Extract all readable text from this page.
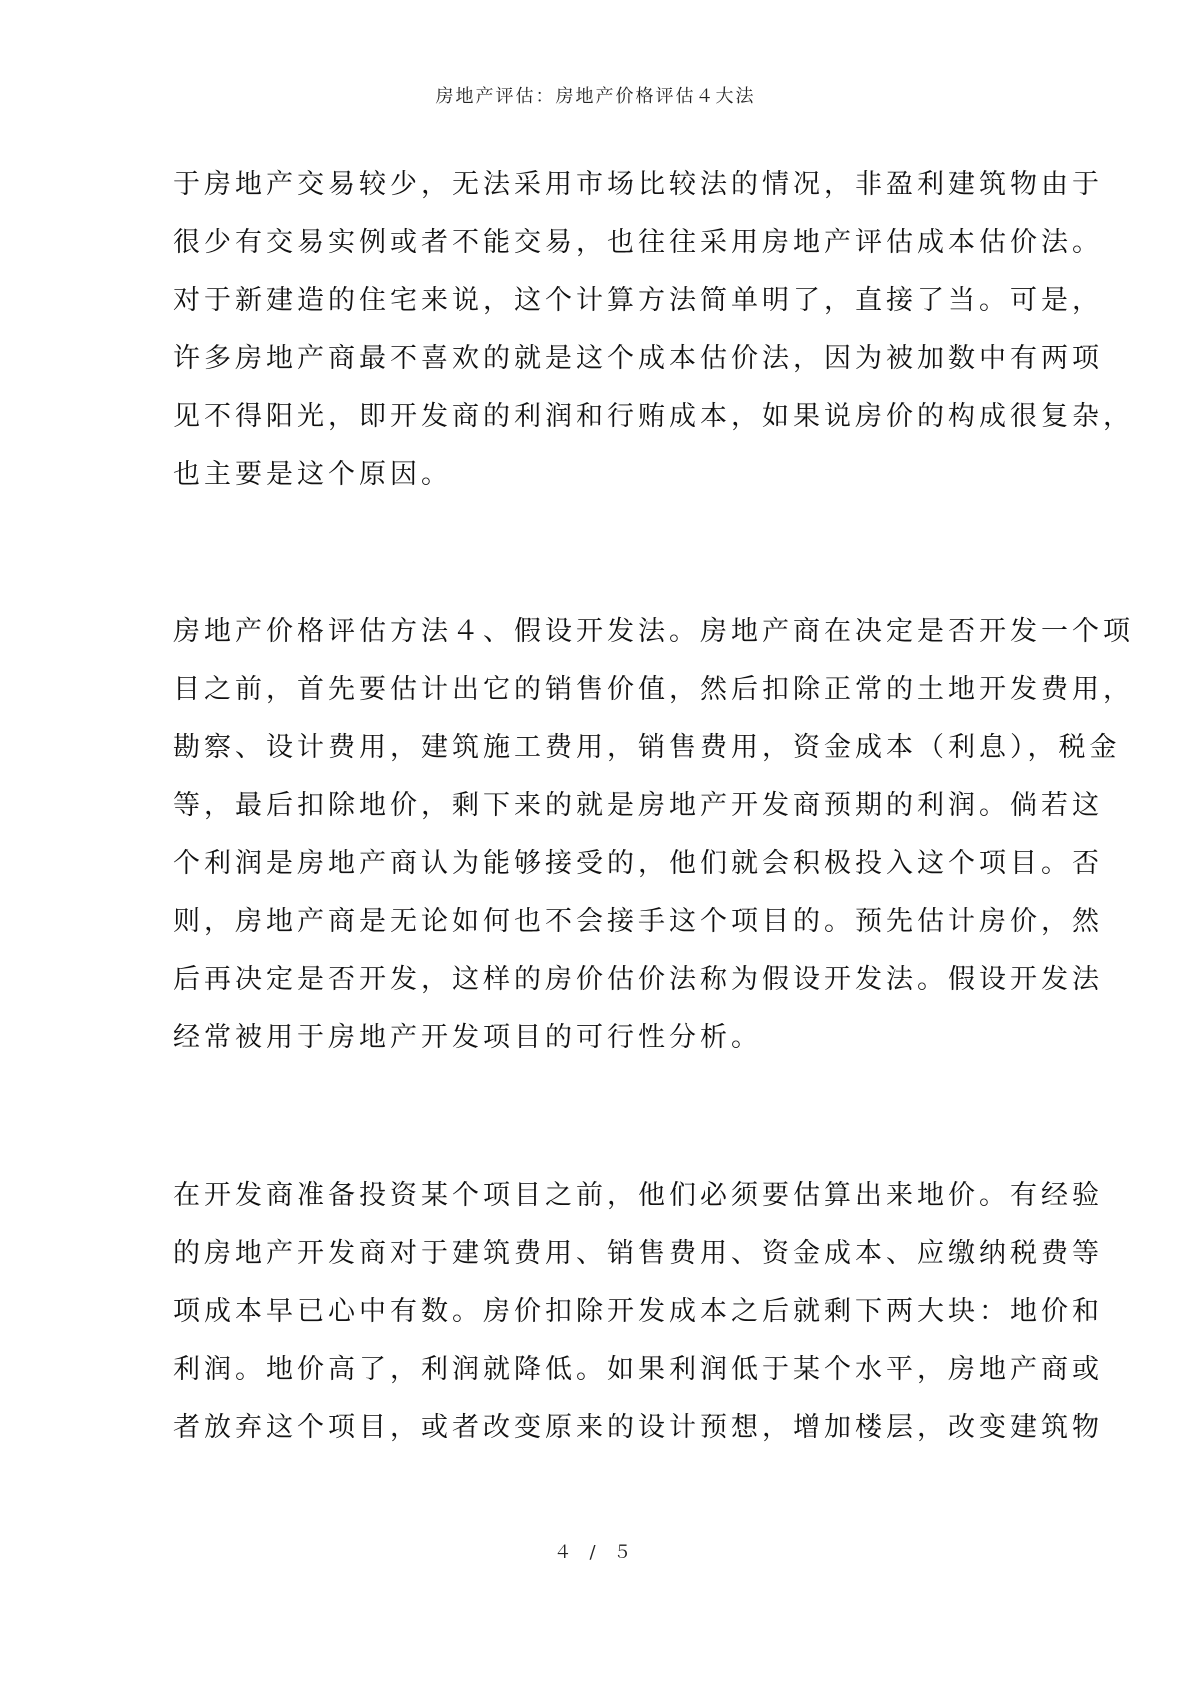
房地产评估：房地产价格评估４大法
于房地产交易较少，无法采用市场比较法的情况，非盈利建筑物由于
很少有交易实例或者不能交易，也往往采用房地产评估成本估价法。
对于新建造的住宅来说，这个计算方法简单明了，直接了当。可是，
许多房地产商最不喜欢的就是这个成本估价法，因为被加数中有两项
见不得阳光，即开发商的利润和行贿成本，如果说房价的构成很复杂，
也主要是这个原因。
房地产价格评估方法４、假设开发法。房地产商在决定是否开发一个项
目之前，首先要估计出它的销售价值，然后扣除正常的土地开发费用，
勘察、设计费用，建筑施工费用，销售费用，资金成本（利息），税金
等，最后扣除地价，剩下来的就是房地产开发商预期的利润。倘若这
个利润是房地产商认为能够接受的，他们就会积极投入这个项目。否
则，房地产商是无论如何也不会接手这个项目的。预先估计房价，然
后再决定是否开发，这样的房价估价法称为假设开发法。假设开发法
经常被用于房地产开发项目的可行性分析。
在开发商准备投资某个项目之前，他们必须要估算出来地价。有经验
的房地产开发商对于建筑费用、销售费用、资金成本、应缴纳税费等
项成本早已心中有数。房价扣除开发成本之后就剩下两大块：地价和
利润。地价高了，利润就降低。如果利润低于某个水平，房地产商或
者放弃这个项目，或者改变原来的设计预想，增加楼层，改变建筑物
４ / ５
